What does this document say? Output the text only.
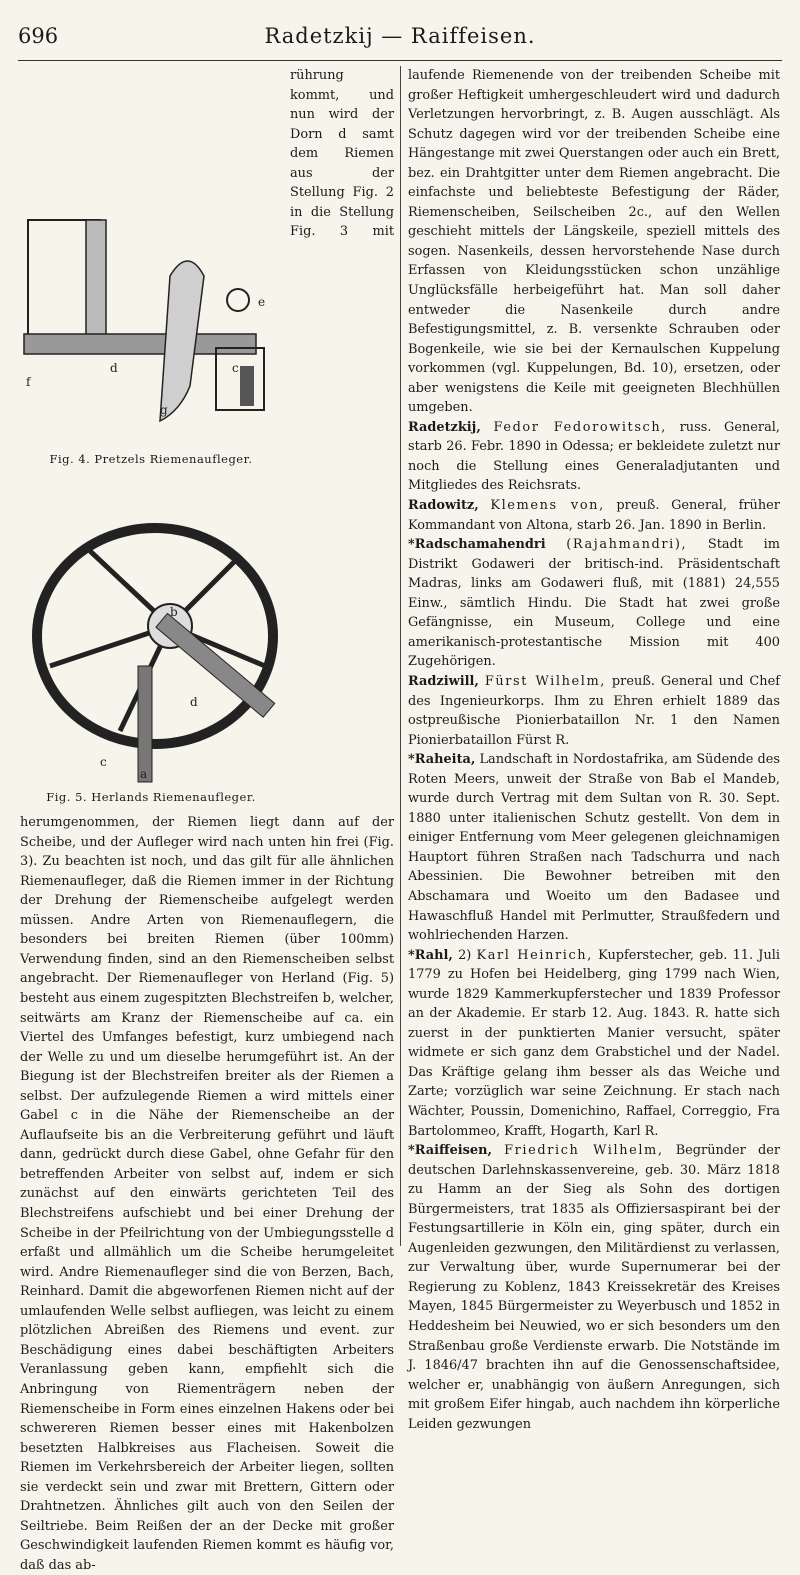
696	Radetzkij — Raiffeisen.
f
d
g
e
c
Fig. 4. Pretzels Riemenaufleger.
a
d
b
c
Fig. 5. Herlands Riemenaufleger.

rührung kommt, und nun wird der Dorn d samt dem Riemen aus der Stellung Fig. 2 in die Stellung Fig. 3 mit herumgenommen, der Riemen liegt dann auf der Scheibe, und der Aufleger wird nach unten hin frei (Fig. 3). Zu beachten ist noch, und das gilt für alle ähnlichen Riemenaufleger, daß die Riemen immer in der Richtung der Drehung der Riemenscheibe aufgelegt werden müssen. Andre Arten von Riemenauflegern, die besonders bei breiten Riemen (über 100mm) Verwendung finden, sind an den Riemenscheiben selbst angebracht. Der Riemenaufleger von Herland (Fig. 5) besteht aus einem zugespitzten Blechstreifen b, welcher, seitwärts am Kranz der Riemenscheibe auf ca. ein Viertel des Umfanges befestigt, kurz umbiegend nach der Welle zu und um dieselbe herumgeführt ist. An der Biegung ist der Blechstreifen breiter als der Riemen a selbst. Der aufzulegende Riemen a wird mittels einer Gabel c in die Nähe der Riemenscheibe an der Auflaufseite bis an die Verbreiterung geführt und läuft dann, gedrückt durch diese Gabel, ohne Gefahr für den betreffenden Arbeiter von selbst auf, indem er sich zunächst auf den einwärts gerichteten Teil des Blechstreifens aufschiebt und bei einer Drehung der Scheibe in der Pfeilrichtung von der Umbiegungsstelle d erfaßt und allmählich um die Scheibe herumgeleitet wird. Andre Riemenaufleger sind die von Berzen, Bach, Reinhard. Damit die abgeworfenen Riemen nicht auf der umlaufenden Welle selbst aufliegen, was leicht zu einem plötzlichen Abreißen des Riemens und event. zur Beschädigung eines dabei beschäftigten Arbeiters Veranlassung geben kann, empfiehlt sich die Anbringung von Riementrägern neben der Riemenscheibe in Form eines einzelnen Hakens oder bei schwereren Riemen besser eines mit Hakenbolzen besetzten Halbkreises aus Flacheisen. Soweit die Riemen im Verkehrsbereich der Arbeiter liegen, sollten sie verdeckt sein und zwar mit Brettern, Gittern oder Drahtnetzen. Ähnliches gilt auch von den Seilen der Seiltriebe. Beim Reißen der an der Decke mit großer Geschwindigkeit laufenden Riemen kommt es häufig vor, daß das ab-

laufende Riemenende von der treibenden Scheibe mit großer Heftigkeit umhergeschleudert wird und dadurch Verletzungen hervorbringt, z. B. Augen ausschlägt. Als Schutz dagegen wird vor der treibenden Scheibe eine Hängestange mit zwei Querstangen oder auch ein Brett, bez. ein Drahtgitter unter dem Riemen angebracht. Die einfachste und beliebteste Befestigung der Räder, Riemenscheiben, Seilscheiben 2c., auf den Wellen geschieht mittels der Längskeile, speziell mittels des sogen. Nasenkeils, dessen hervorstehende Nase durch Erfassen von Kleidungsstücken schon unzählige Unglücksfälle herbeigeführt hat. Man soll daher entweder die Nasenkeile durch andre Befestigungsmittel, z. B. versenkte Schrauben oder Bogenkeile, wie sie bei der Kernaulschen Kuppelung vorkommen (vgl. Kuppelungen, Bd. 10), ersetzen, oder aber wenigstens die Keile mit geeigneten Blechhüllen umgeben.

Radetzkij, Fedor Fedorowitsch, russ. General, starb 26. Febr. 1890 in Odessa; er bekleidete zuletzt nur noch die Stellung eines Generaladjutanten und Mitgliedes des Reichsrats.

Radowitz, Klemens von, preuß. General, früher Kommandant von Altona, starb 26. Jan. 1890 in Berlin.

*Radschamahendri (Rajahmandri), Stadt im Distrikt Godaweri der britisch-ind. Präsidentschaft Madras, links am Godaweri fluß, mit (1881) 24,555 Einw., sämtlich Hindu. Die Stadt hat zwei große Gefängnisse, ein Museum, College und eine amerikanisch-protestantische Mission mit 400 Zugehörigen.

Radziwill, Fürst Wilhelm, preuß. General und Chef des Ingenieurkorps. Ihm zu Ehren erhielt 1889 das ostpreußische Pionierbataillon Nr. 1 den Namen Pionierbataillon Fürst R.

*Raheita, Landschaft in Nordostafrika, am Südende des Roten Meers, unweit der Straße von Bab el Mandeb, wurde durch Vertrag mit dem Sultan von R. 30. Sept. 1880 unter italienischen Schutz gestellt. Von dem in einiger Entfernung vom Meer gelegenen gleichnamigen Hauptort führen Straßen nach Tadschurra und nach Abessinien. Die Bewohner betreiben mit den Abschamara und Woeito um den Badasee und Hawaschfluß Handel mit Perlmutter, Straußfedern und wohlriechenden Harzen.

*Rahl, 2) Karl Heinrich, Kupferstecher, geb. 11. Juli 1779 zu Hofen bei Heidelberg, ging 1799 nach Wien, wurde 1829 Kammerkupferstecher und 1839 Professor an der Akademie. Er starb 12. Aug. 1843. R. hatte sich zuerst in der punktierten Manier versucht, später widmete er sich ganz dem Grabstichel und der Nadel. Das Kräftige gelang ihm besser als das Weiche und Zarte; vorzüglich war seine Zeichnung. Er stach nach Wächter, Poussin, Domenichino, Raffael, Correggio, Fra Bartolommeo, Krafft, Hogarth, Karl R.

*Raiffeisen, Friedrich Wilhelm, Begründer der deutschen Darlehnskassenvereine, geb. 30. März 1818 zu Hamm an der Sieg als Sohn des dortigen Bürgermeisters, trat 1835 als Offiziersaspirant bei der Festungsartillerie in Köln ein, ging später, durch ein Augenleiden gezwungen, den Militärdienst zu verlassen, zur Verwaltung über, wurde Supernumerar bei der Regierung zu Koblenz, 1843 Kreissekretär des Kreises Mayen, 1845 Bürgermeister zu Weyerbusch und 1852 in Heddesheim bei Neuwied, wo er sich besonders um den Straßenbau große Verdienste erwarb. Die Notstände im J. 1846/47 brachten ihn auf die Genossenschaftsidee, welcher er, unabhängig von äußern Anregungen, sich mit großem Eifer hingab, auch nachdem ihn körperliche Leiden gezwungen
